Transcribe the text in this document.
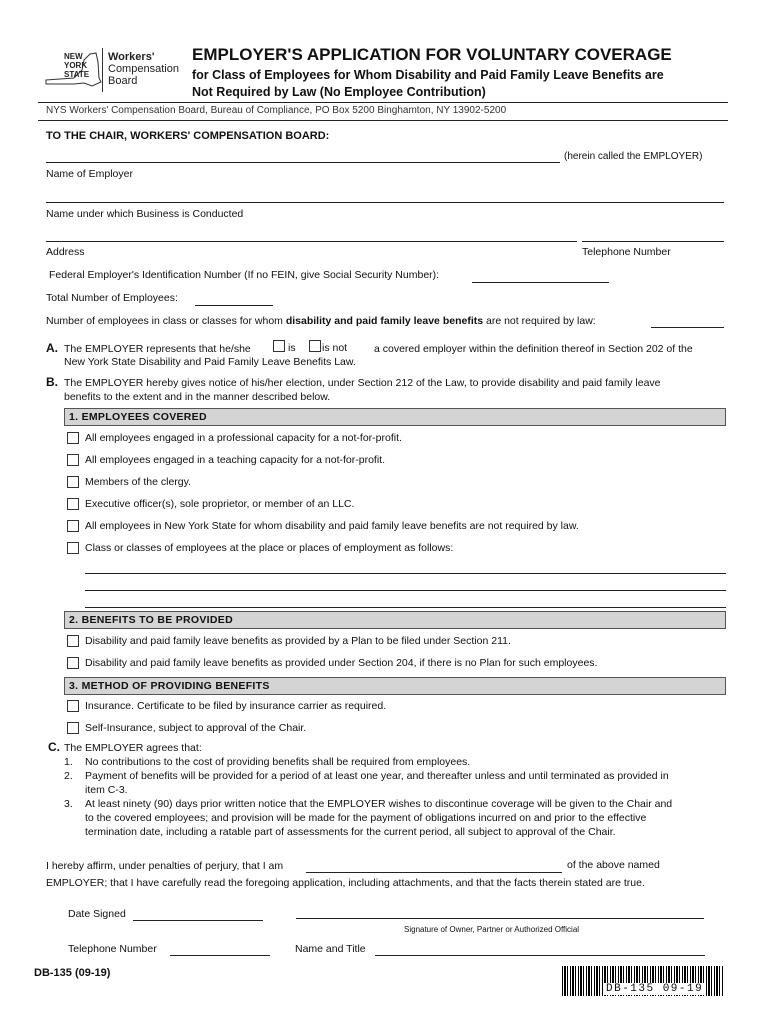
NEW
YORK
STATE
Workers'
Compensation
Board
EMPLOYER'S APPLICATION FOR VOLUNTARY COVERAGE
for Class of Employees for Whom Disability and Paid Family Leave Benefits are
Not Required by Law (No Employee Contribution)
NYS Workers' Compensation Board, Bureau of Compliance, PO Box 5200 Binghamton, NY 13902-5200
TO THE CHAIR, WORKERS' COMPENSATION BOARD:
(herein called the EMPLOYER)
Name of Employer
Name under which Business is Conducted
Address	Telephone Number
Federal Employer's Identification Number (If no FEIN, give Social Security Number):
Total Number of Employees:
Number of employees in class or classes for whom disability and paid family leave benefits are not required by law:
A. The EMPLOYER represents that he/she	is	is not	a covered employer within the definition thereof in Section 202 of the
New York State Disability and Paid Family Leave Benefits Law.
B. The EMPLOYER hereby gives notice of his/her election, under Section 212 of the Law, to provide disability and paid family leave
benefits to the extent and in the manner described below.
1. EMPLOYEES COVERED
All employees engaged in a professional capacity for a not-for-profit.
All employees engaged in a teaching capacity for a not-for-profit.
Members of the clergy.
Executive officer(s), sole proprietor, or member of an LLC.
All employees in New York State for whom disability and paid family leave benefits are not required by law.
Class or classes of employees at the place or places of employment as follows:
2. BENEFITS TO BE PROVIDED
Disability and paid family leave benefits as provided by a Plan to be filed under Section 211.
Disability and paid family leave benefits as provided under Section 204, if there is no Plan for such employees.
3. METHOD OF PROVIDING BENEFITS
Insurance. Certificate to be filed by insurance carrier as required.
Self-Insurance, subject to approval of the Chair.
C. The EMPLOYER agrees that:
1. No contributions to the cost of providing benefits shall be required from employees.
2. Payment of benefits will be provided for a period of at least one year, and thereafter unless and until terminated as provided in
item C-3.
3. At least ninety (90) days prior written notice that the EMPLOYER wishes to discontinue coverage will be given to the Chair and
to the covered employees; and provision will be made for the payment of obligations incurred on and prior to the effective
termination date, including a ratable part of assessments for the current period, all subject to approval of the Chair.
I hereby affirm, under penalties of perjury, that I am	of the above named
EMPLOYER; that I have carefully read the foregoing application, including attachments, and that the facts therein stated are true.
Date Signed
Signature of Owner, Partner or Authorized Official
Telephone Number	Name and Title
DB-135 (09-19)
DB-135 09-19
